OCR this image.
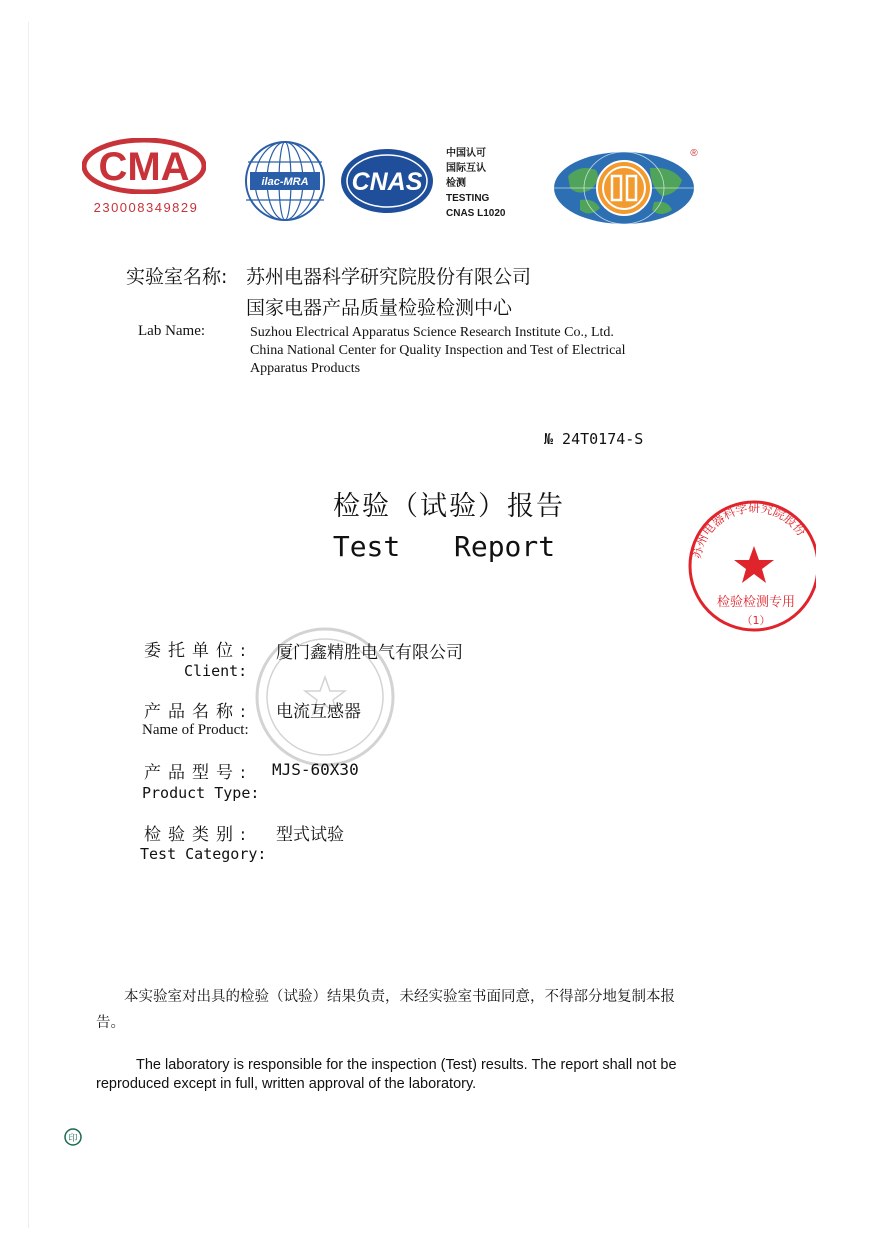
CMA
230008349829
ilac-MRA CNAS
中国认可
国际互认
检测
TESTING
CNAS L1020
®
实验室名称: 苏州电器科学研究院股份有限公司
国家电器产品质量检验检测中心
Lab Name:	Suzhou Electrical Apparatus Science Research Institute Co., Ltd.
China National Center for Quality Inspection and Test of Electrical
Apparatus Products
№ 24T0174-S
检验（试验）报告
Test  Report	苏州电器科学研究院股份
检验检测专用
（1）
委托单位: 厦门鑫精胜电气有限公司
Client:
产品名称: 电流互感器
Name of Product:
产品型号: MJS-60X30
Product Type:
检验类别: 型式试验
Test Category:
本实验室对出具的检验（试验）结果负责，未经实验室书面同意，不得部分地复制本报告。
The laboratory is responsible for the inspection (Test) results. The report shall not be reproduced except in full, written approval of the laboratory.
印
